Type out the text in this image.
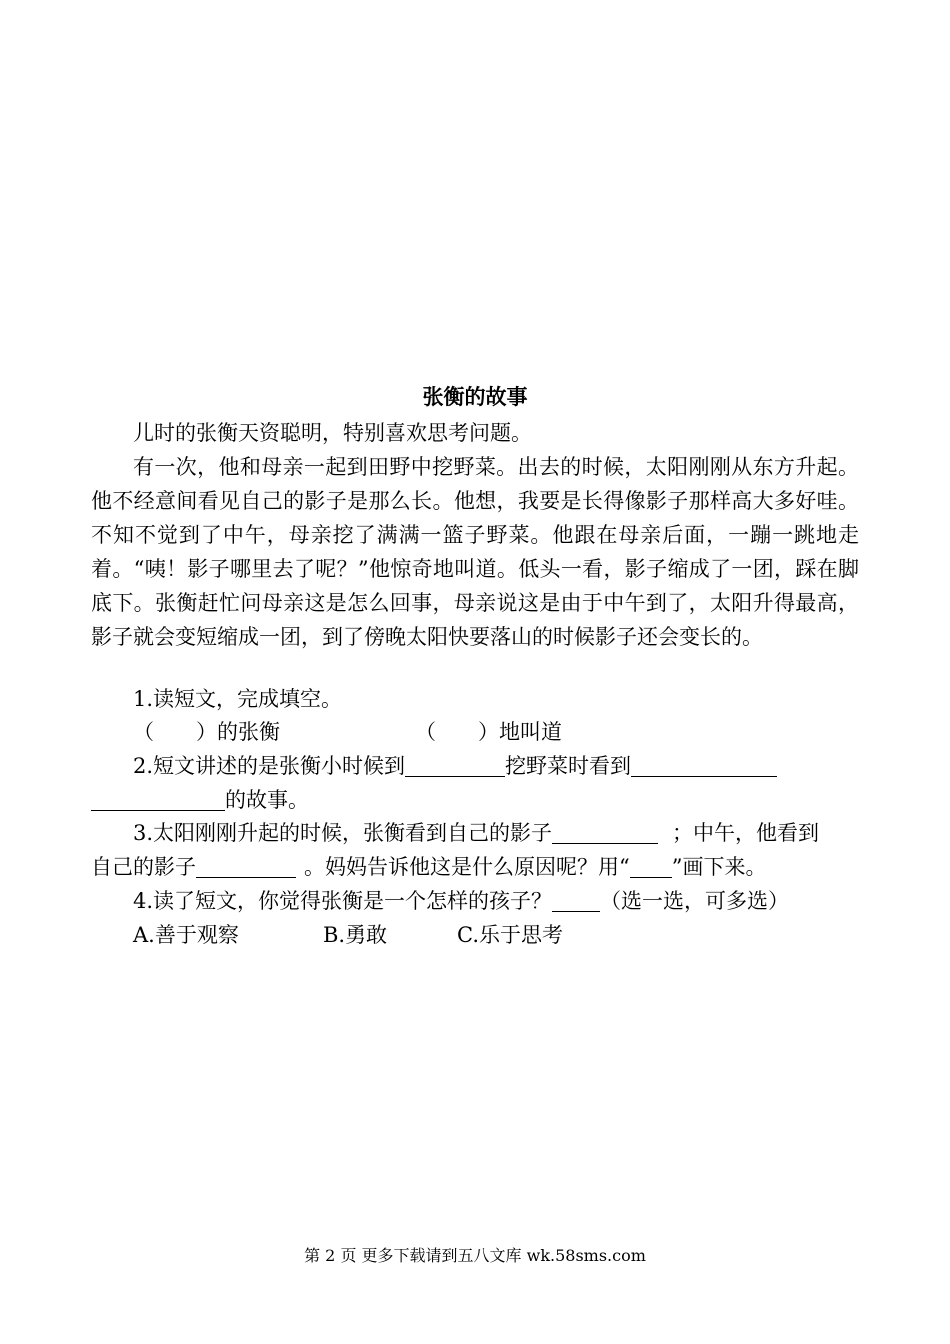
张衡的故事
儿时的张衡天资聪明，特别喜欢思考问题。
有一次，他和母亲一起到田野中挖野菜。出去的时候，太阳刚刚从东方升起。他不经意间看见自己的影子是那么长。他想，我要是长得像影子那样高大多好哇。不知不觉到了中午，母亲挖了满满一篮子野菜。他跟在母亲后面，一蹦一跳地走着。“咦！影子哪里去了呢？”他惊奇地叫道。低头一看，影子缩成了一团，踩在脚底下。张衡赶忙问母亲这是怎么回事，母亲说这是由于中午到了，太阳升得最高，影子就会变短缩成一团，到了傍晚太阳快要落山的时候影子还会变长的。
1.读短文，完成填空。
（ ）的张衡	（ ）地叫道
2.短文讲述的是张衡小时候到	挖野菜时看到
的故事。
3.太阳刚刚升起的时候，张衡看到自己的影子	；中午，他看到
自己的影子	。妈妈告诉他这是什么原因呢？用“ ”画下来。
4.读了短文，你觉得张衡是一个怎样的孩子？ （选一选，可多选）
A.善于观察	B.勇敢	C.乐于思考
第 2 页 更多下载请到五八文库 wk.58sms.com
